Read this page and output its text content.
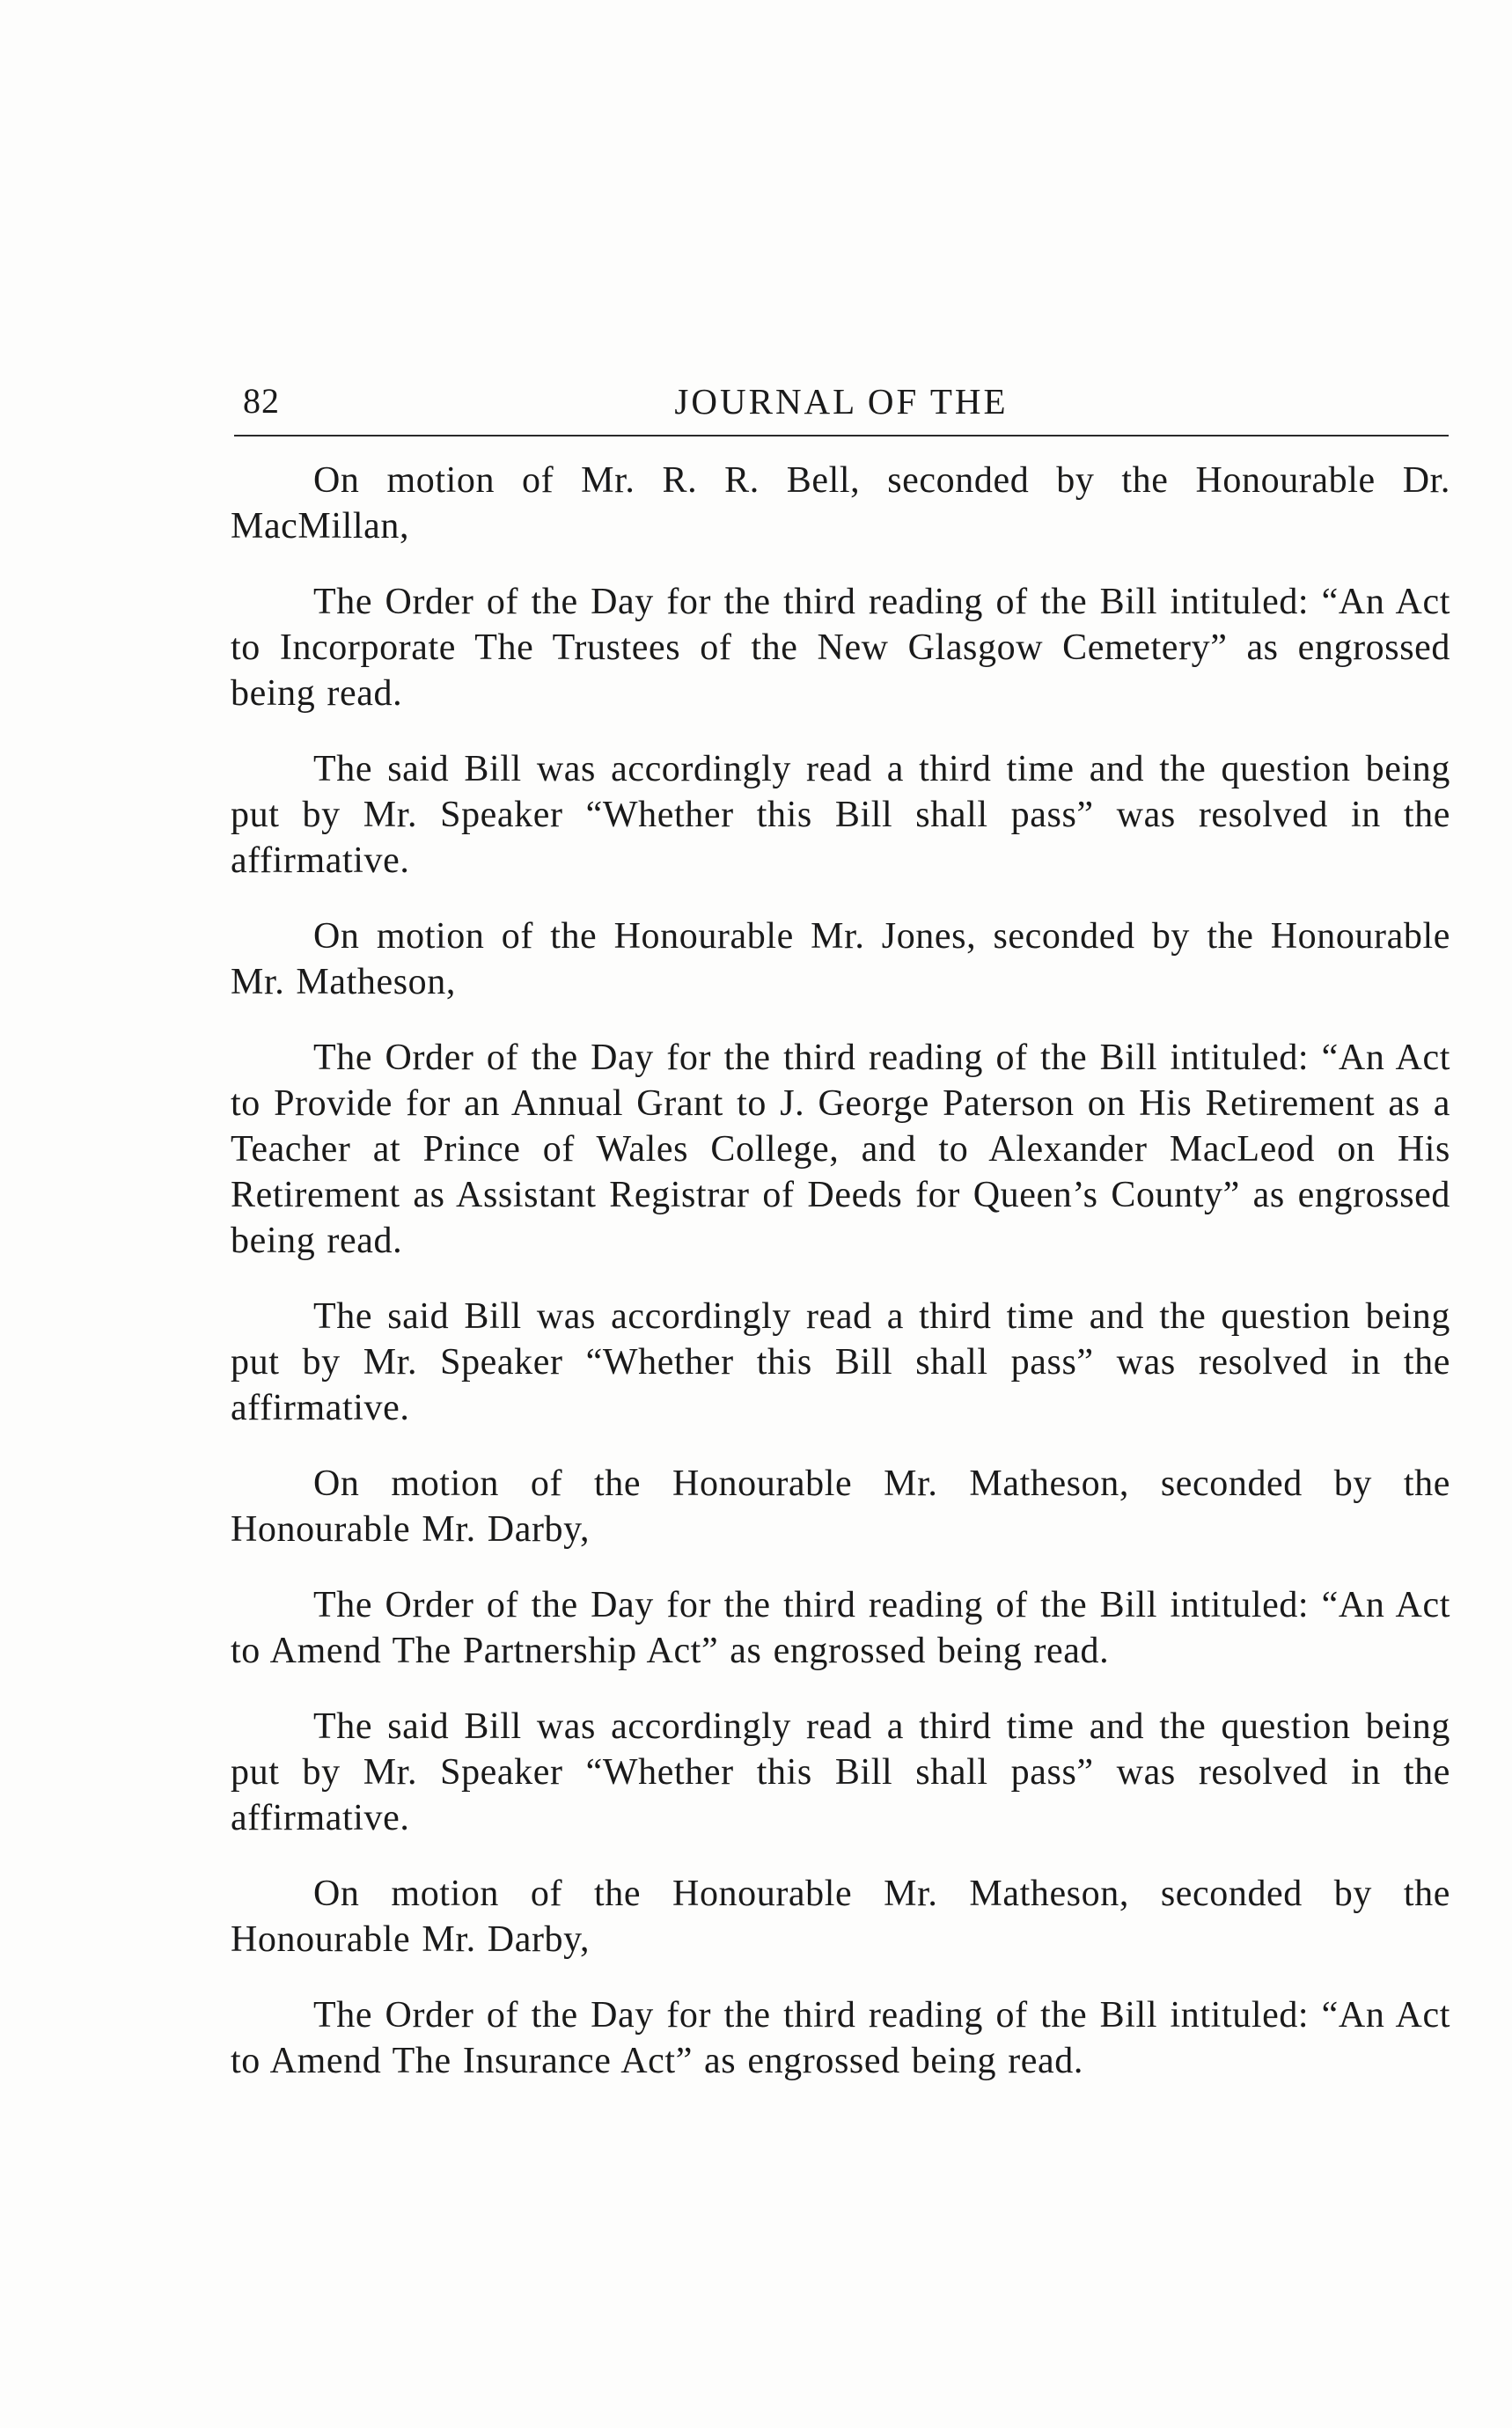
82	JOURNAL OF THE

On motion of Mr. R. R. Bell, seconded by the Honourable Dr. MacMillan,

The Order of the Day for the third reading of the Bill intituled: “An Act to Incorporate The Trustees of the New Glasgow Cemetery” as engrossed being read.

The said Bill was accordingly read a third time and the question being put by Mr. Speaker “Whether this Bill shall pass” was resolved in the affirmative.

On motion of the Honourable Mr. Jones, seconded by the Honourable Mr. Matheson,

The Order of the Day for the third reading of the Bill intituled: “An Act to Provide for an Annual Grant to J. George Paterson on His Retirement as a Teacher at Prince of Wales College, and to Alexander MacLeod on His Retirement as Assistant Registrar of Deeds for Queen’s County” as engrossed being read.

The said Bill was accordingly read a third time and the question being put by Mr. Speaker “Whether this Bill shall pass” was resolved in the affirmative.

On motion of the Honourable Mr. Matheson, seconded by the Honourable Mr. Darby,

The Order of the Day for the third reading of the Bill intituled: “An Act to Amend The Partnership Act” as engrossed being read.

The said Bill was accordingly read a third time and the question being put by Mr. Speaker “Whether this Bill shall pass” was resolved in the affirmative.

On motion of the Honourable Mr. Matheson, seconded by the Honourable Mr. Darby,

The Order of the Day for the third reading of the Bill intituled: “An Act to Amend The Insurance Act” as engrossed being read.
